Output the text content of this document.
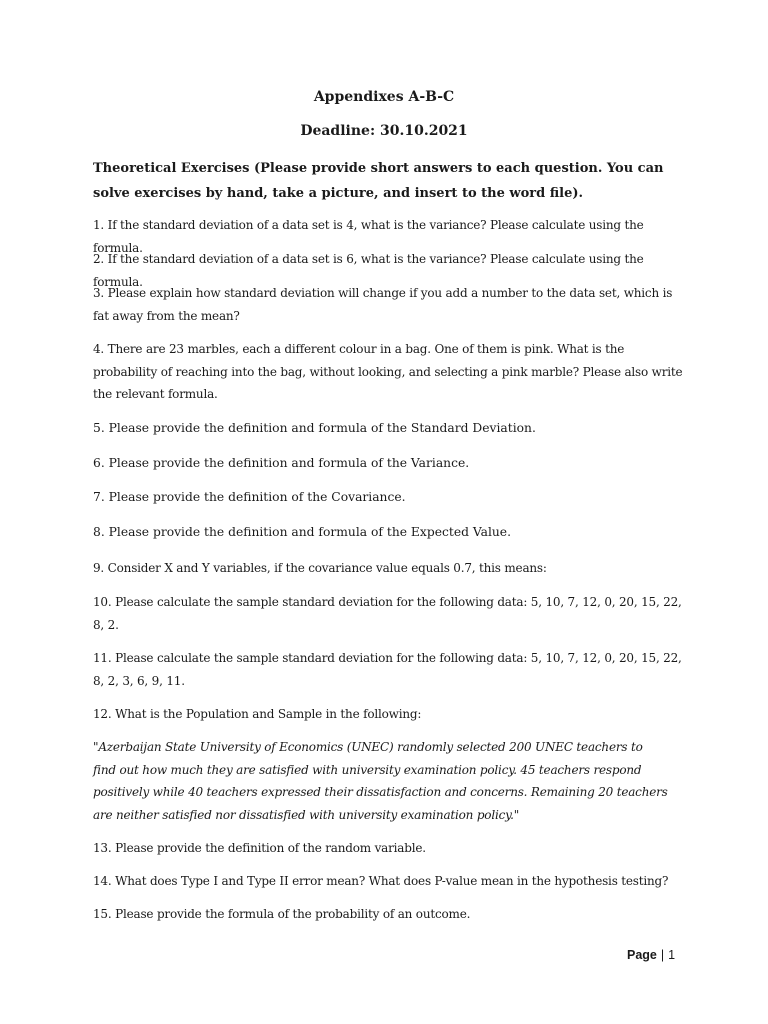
Appendixes A-B-C
Deadline: 30.10.2021
Theoretical Exercises (Please provide short answers to each question. You can solve exercises by hand, take a picture, and insert to the word file).
1. If the standard deviation of a data set is 4, what is the variance? Please calculate using the formula.
2. If the standard deviation of a data set is 6, what is the variance? Please calculate using the formula.
3. Please explain how standard deviation will change if you add a number to the data set, which is fat away from the mean?
4. There are 23 marbles, each a different colour in a bag. One of them is pink. What is the probability of reaching into the bag, without looking, and selecting a pink marble? Please also write the relevant formula.
5. Please provide the definition and formula of the Standard Deviation.
6. Please provide the definition and formula of the Variance.
7. Please provide the definition of the Covariance.
8. Please provide the definition and formula of the Expected Value.
9. Consider X and Y variables, if the covariance value equals 0.7, this means:
10. Please calculate the sample standard deviation for the following data: 5, 10, 7, 12, 0, 20, 15, 22, 8, 2.
11. Please calculate the sample standard deviation for the following data: 5, 10, 7, 12, 0, 20, 15, 22, 8, 2, 3, 6, 9, 11.
12. What is the Population and Sample in the following:
"Azerbaijan State University of Economics (UNEC) randomly selected 200 UNEC teachers to find out how much they are satisfied with university examination policy. 45 teachers respond positively while 40 teachers expressed their dissatisfaction and concerns. Remaining 20 teachers are neither satisfied nor dissatisfied with university examination policy."
13. Please provide the definition of the random variable.
14. What does Type I and Type II error mean? What does P-value mean in the hypothesis testing?
15. Please provide the formula of the probability of an outcome.
Page | 1
